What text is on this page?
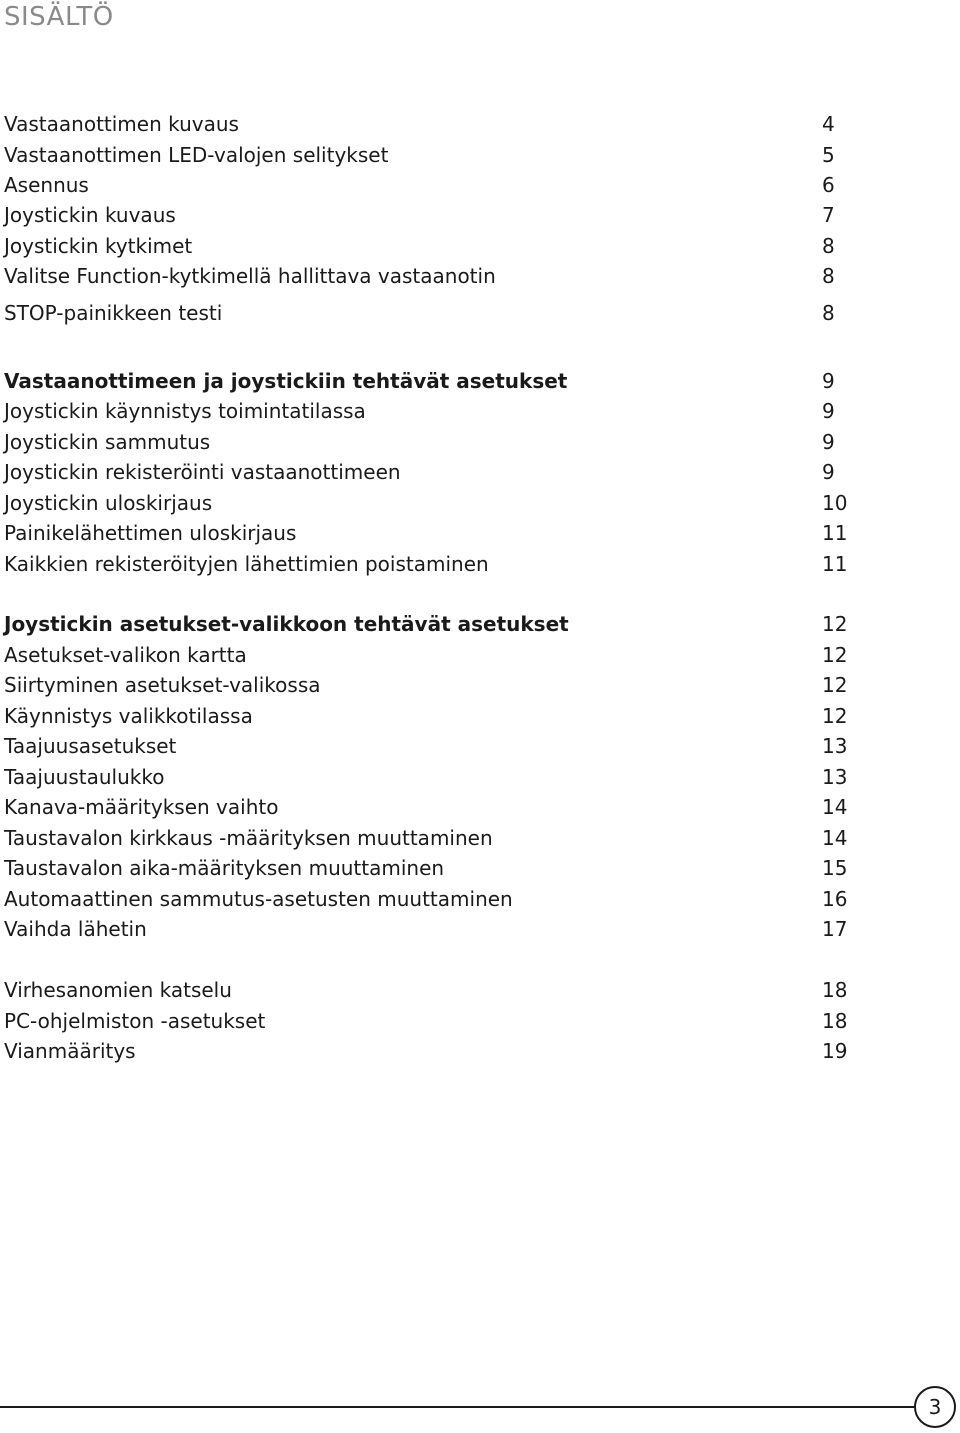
SISÄLTÖ
Vastaanottimen kuvaus	4
Vastaanottimen LED-valojen selitykset	5
Asennus	6
Joystickin kuvaus	7
Joystickin kytkimet	8
Valitse Function-kytkimellä hallittava vastaanotin	8
STOP-painikkeen testi	8
Vastaanottimeen ja joystickiin tehtävät asetukset	9
Joystickin käynnistys toimintatilassa	9
Joystickin sammutus	9
Joystickin rekisteröinti vastaanottimeen	9
Joystickin uloskirjaus	10
Painikelähettimen uloskirjaus	11
Kaikkien rekisteröityjen lähettimien poistaminen	11
Joystickin asetukset-valikkoon tehtävät asetukset	12
Asetukset-valikon kartta	12
Siirtyminen asetukset-valikossa	12
Käynnistys valikkotilassa	12
Taajuusasetukset	13
Taajuustaulukko	13
Kanava-määrityksen vaihto	14
Taustavalon kirkkaus -määrityksen muuttaminen	14
Taustavalon aika-määrityksen muuttaminen	15
Automaattinen sammutus-asetusten muuttaminen	16
Vaihda lähetin	17
Virhesanomien katselu	18
PC-ohjelmiston -asetukset	18
Vianmääritys	19
3
